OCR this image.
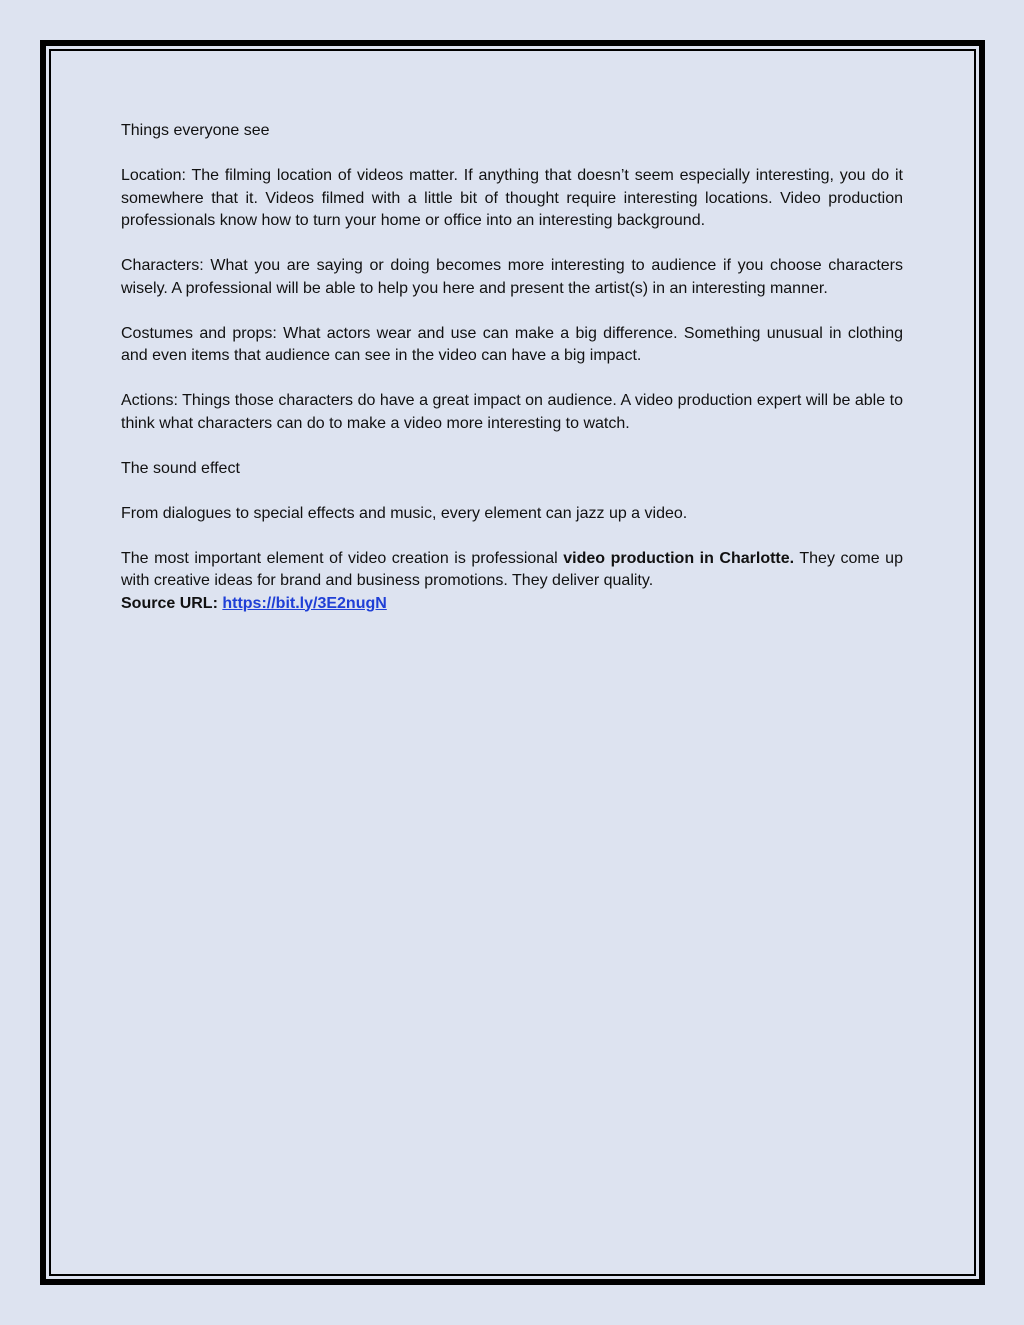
Things everyone see

Location: The filming location of videos matter. If anything that doesn’t seem especially interesting, you do it somewhere that it. Videos filmed with a little bit of thought require interesting locations. Video production professionals know how to turn your home or office into an interesting background.

Characters: What you are saying or doing becomes more interesting to audience if you choose characters wisely. A professional will be able to help you here and present the artist(s) in an interesting manner.

Costumes and props: What actors wear and use can make a big difference. Something unusual in clothing and even items that audience can see in the video can have a big impact.

Actions: Things those characters do have a great impact on audience. A video production expert will be able to think what characters can do to make a video more interesting to watch.

The sound effect

From dialogues to special effects and music, every element can jazz up a video.

The most important element of video creation is professional video production in Charlotte. They come up with creative ideas for brand and business promotions. They deliver quality.

Source URL: https://bit.ly/3E2nugN
